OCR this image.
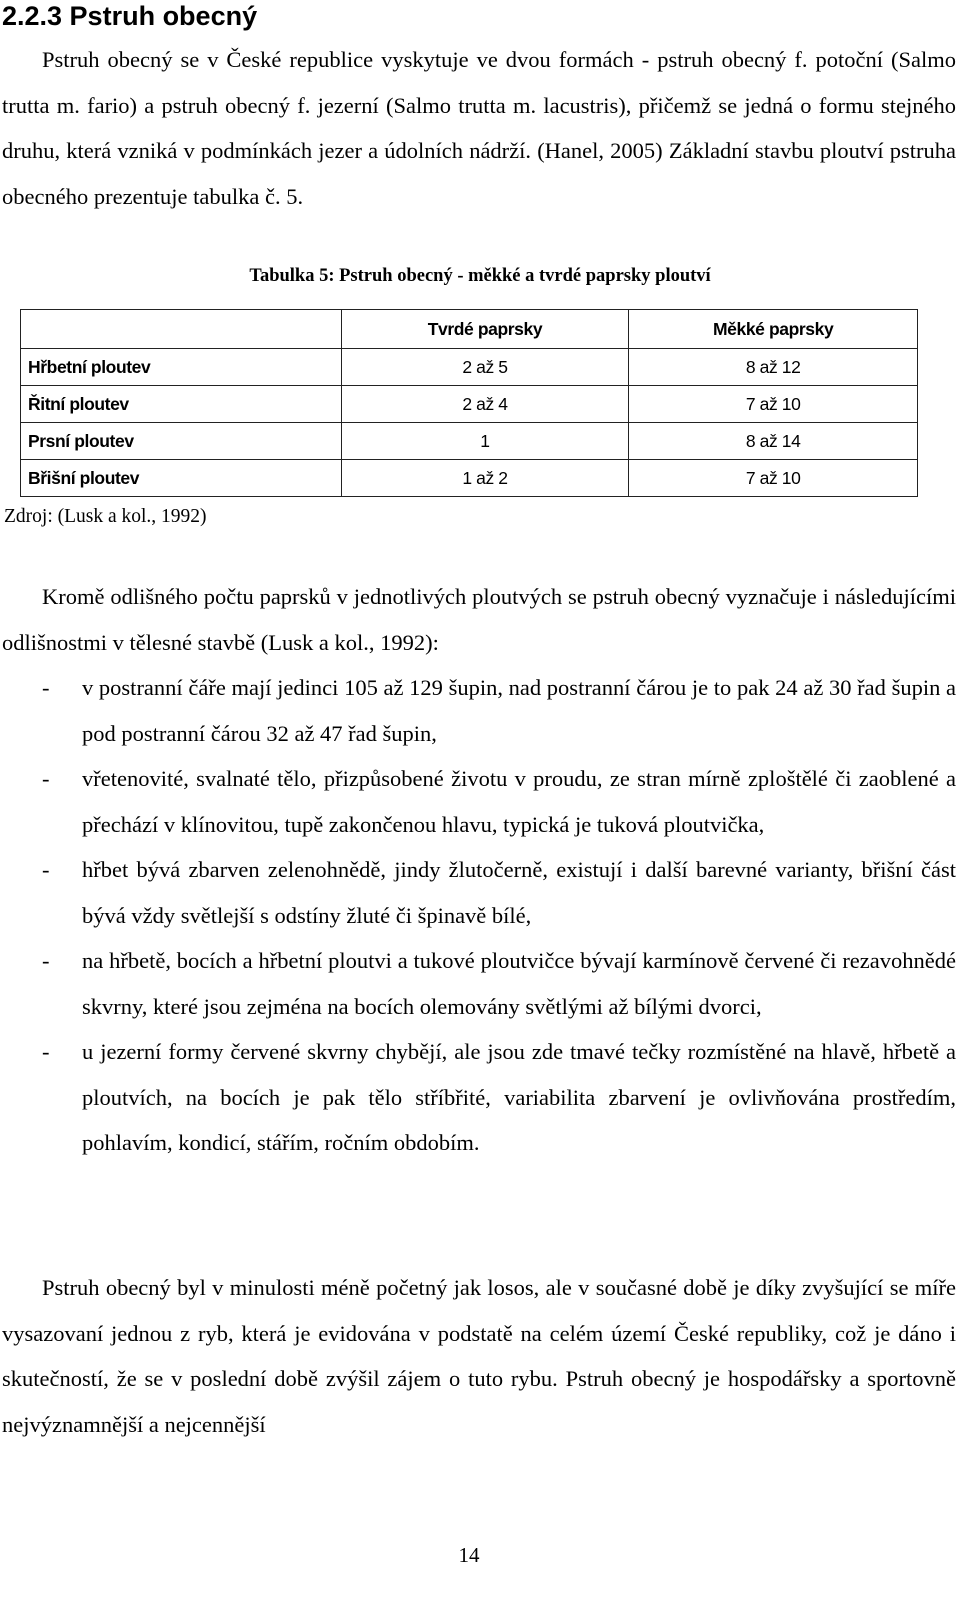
2.2.3 Pstruh obecný

Pstruh obecný se v České republice vyskytuje ve dvou formách - pstruh obecný f. potoční (Salmo trutta m. fario) a pstruh obecný f. jezerní (Salmo trutta m. lacustris), přičemž se jedná o formu stejného druhu, která vzniká v podmínkách jezer a údolních nádrží. (Hanel, 2005) Základní stavbu ploutví pstruha obecného prezentuje tabulka č. 5.

Tabulka 5: Pstruh obecný - měkké a tvrdé paprsky ploutví

	Tvrdé paprsky	Měkké paprsky
Hřbetní ploutev	2 až 5	8 až 12
Řitní ploutev	2 až 4	7 až 10
Prsní ploutev	1	8 až 14
Břišní ploutev	1 až 2	7 až 10

Zdroj: (Lusk a kol., 1992)

Kromě odlišného počtu paprsků v jednotlivých ploutvých se pstruh obecný vyznačuje i následujícími odlišnostmi v tělesné stavbě (Lusk a kol., 1992):

- v postranní čáře mají jedinci 105 až 129 šupin, nad postranní čárou je to pak 24 až 30 řad šupin a pod postranní čárou 32 až 47 řad šupin,
- vřetenovité, svalnaté tělo, přizpůsobené životu v proudu, ze stran mírně zploštělé či zaoblené a přechází v klínovitou, tupě zakončenou hlavu, typická je tuková ploutvička,
- hřbet bývá zbarven zelenohnědě, jindy žlutočerně, existují i další barevné varianty, břišní část bývá vždy světlejší s odstíny žluté či špinavě bílé,
- na hřbetě, bocích a hřbetní ploutvi a tukové ploutvičce bývají karmínově červené či rezavohnědé skvrny, které jsou zejména na bocích olemovány světlými až bílými dvorci,
- u jezerní formy červené skvrny chybějí, ale jsou zde tmavé tečky rozmístěné na hlavě, hřbetě a ploutvích, na bocích je pak tělo stříbřité, variabilita zbarvení je ovlivňována prostředím, pohlavím, kondicí, stářím, ročním obdobím.

Pstruh obecný byl v minulosti méně početný jak losos, ale v současné době je díky zvyšující se míře vysazovaní jednou z ryb, která je evidována v podstatě na celém území České republiky, což je dáno i skutečností, že se v poslední době zvýšil zájem o tuto rybu. Pstruh obecný je hospodářsky a sportovně nejvýznamnější a nejcennější

14
